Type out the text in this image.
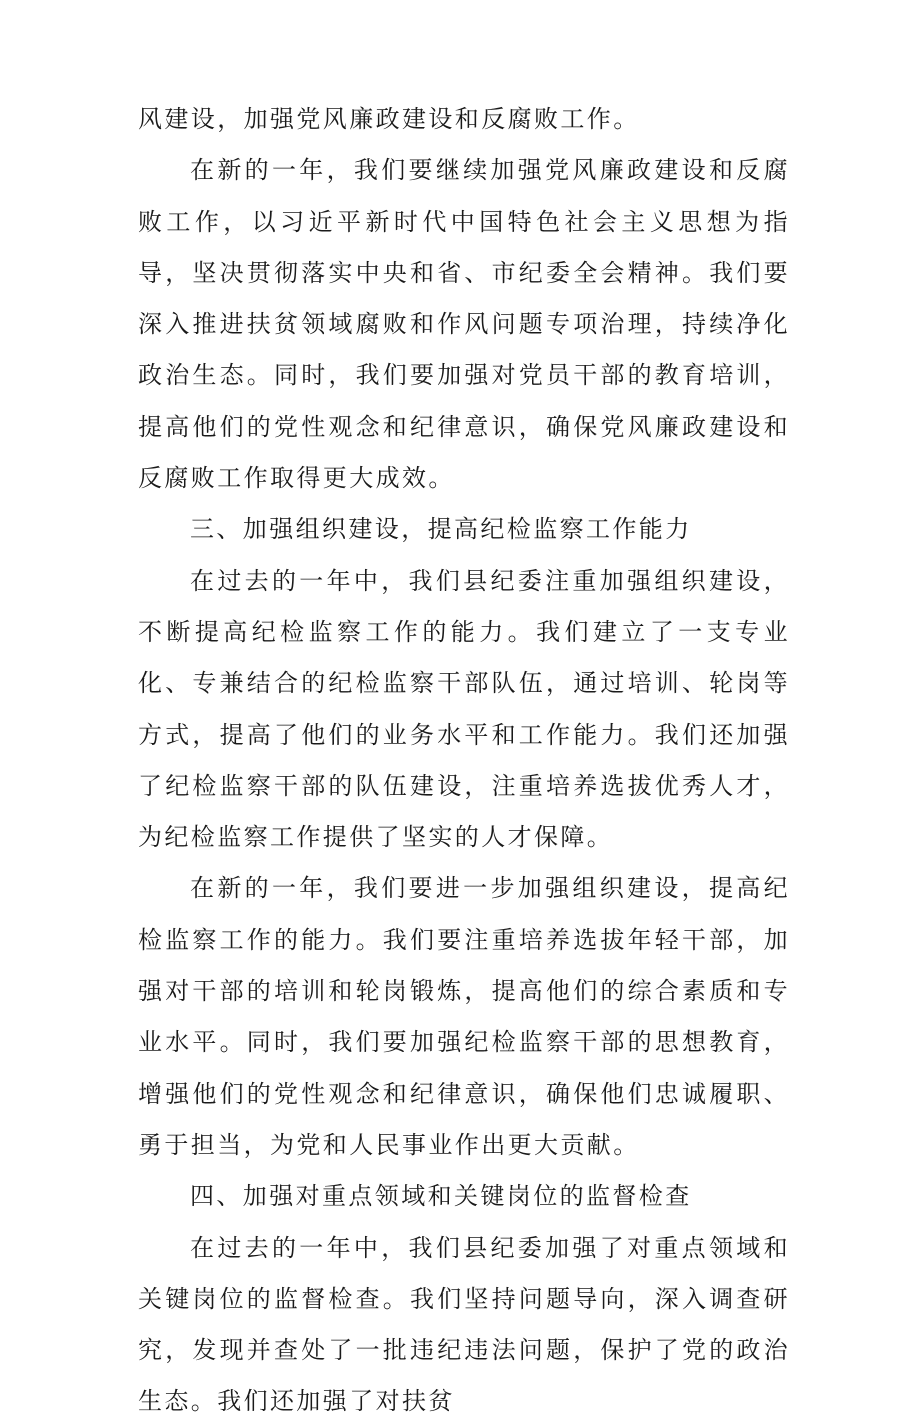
风建设，加强党风廉政建设和反腐败工作。

在新的一年，我们要继续加强党风廉政建设和反腐败工作，以习近平新时代中国特色社会主义思想为指导，坚决贯彻落实中央和省、市纪委全会精神。我们要深入推进扶贫领域腐败和作风问题专项治理，持续净化政治生态。同时，我们要加强对党员干部的教育培训，提高他们的党性观念和纪律意识，确保党风廉政建设和反腐败工作取得更大成效。

三、加强组织建设，提高纪检监察工作能力

在过去的一年中，我们县纪委注重加强组织建设，不断提高纪检监察工作的能力。我们建立了一支专业化、专兼结合的纪检监察干部队伍，通过培训、轮岗等方式，提高了他们的业务水平和工作能力。我们还加强了纪检监察干部的队伍建设，注重培养选拔优秀人才，为纪检监察工作提供了坚实的人才保障。

在新的一年，我们要进一步加强组织建设，提高纪检监察工作的能力。我们要注重培养选拔年轻干部，加强对干部的培训和轮岗锻炼，提高他们的综合素质和专业水平。同时，我们要加强纪检监察干部的思想教育，增强他们的党性观念和纪律意识，确保他们忠诚履职、勇于担当，为党和人民事业作出更大贡献。

四、加强对重点领域和关键岗位的监督检查

在过去的一年中，我们县纪委加强了对重点领域和关键岗位的监督检查。我们坚持问题导向，深入调查研究，发现并查处了一批违纪违法问题，保护了党的政治生态。我们还加强了对扶贫
